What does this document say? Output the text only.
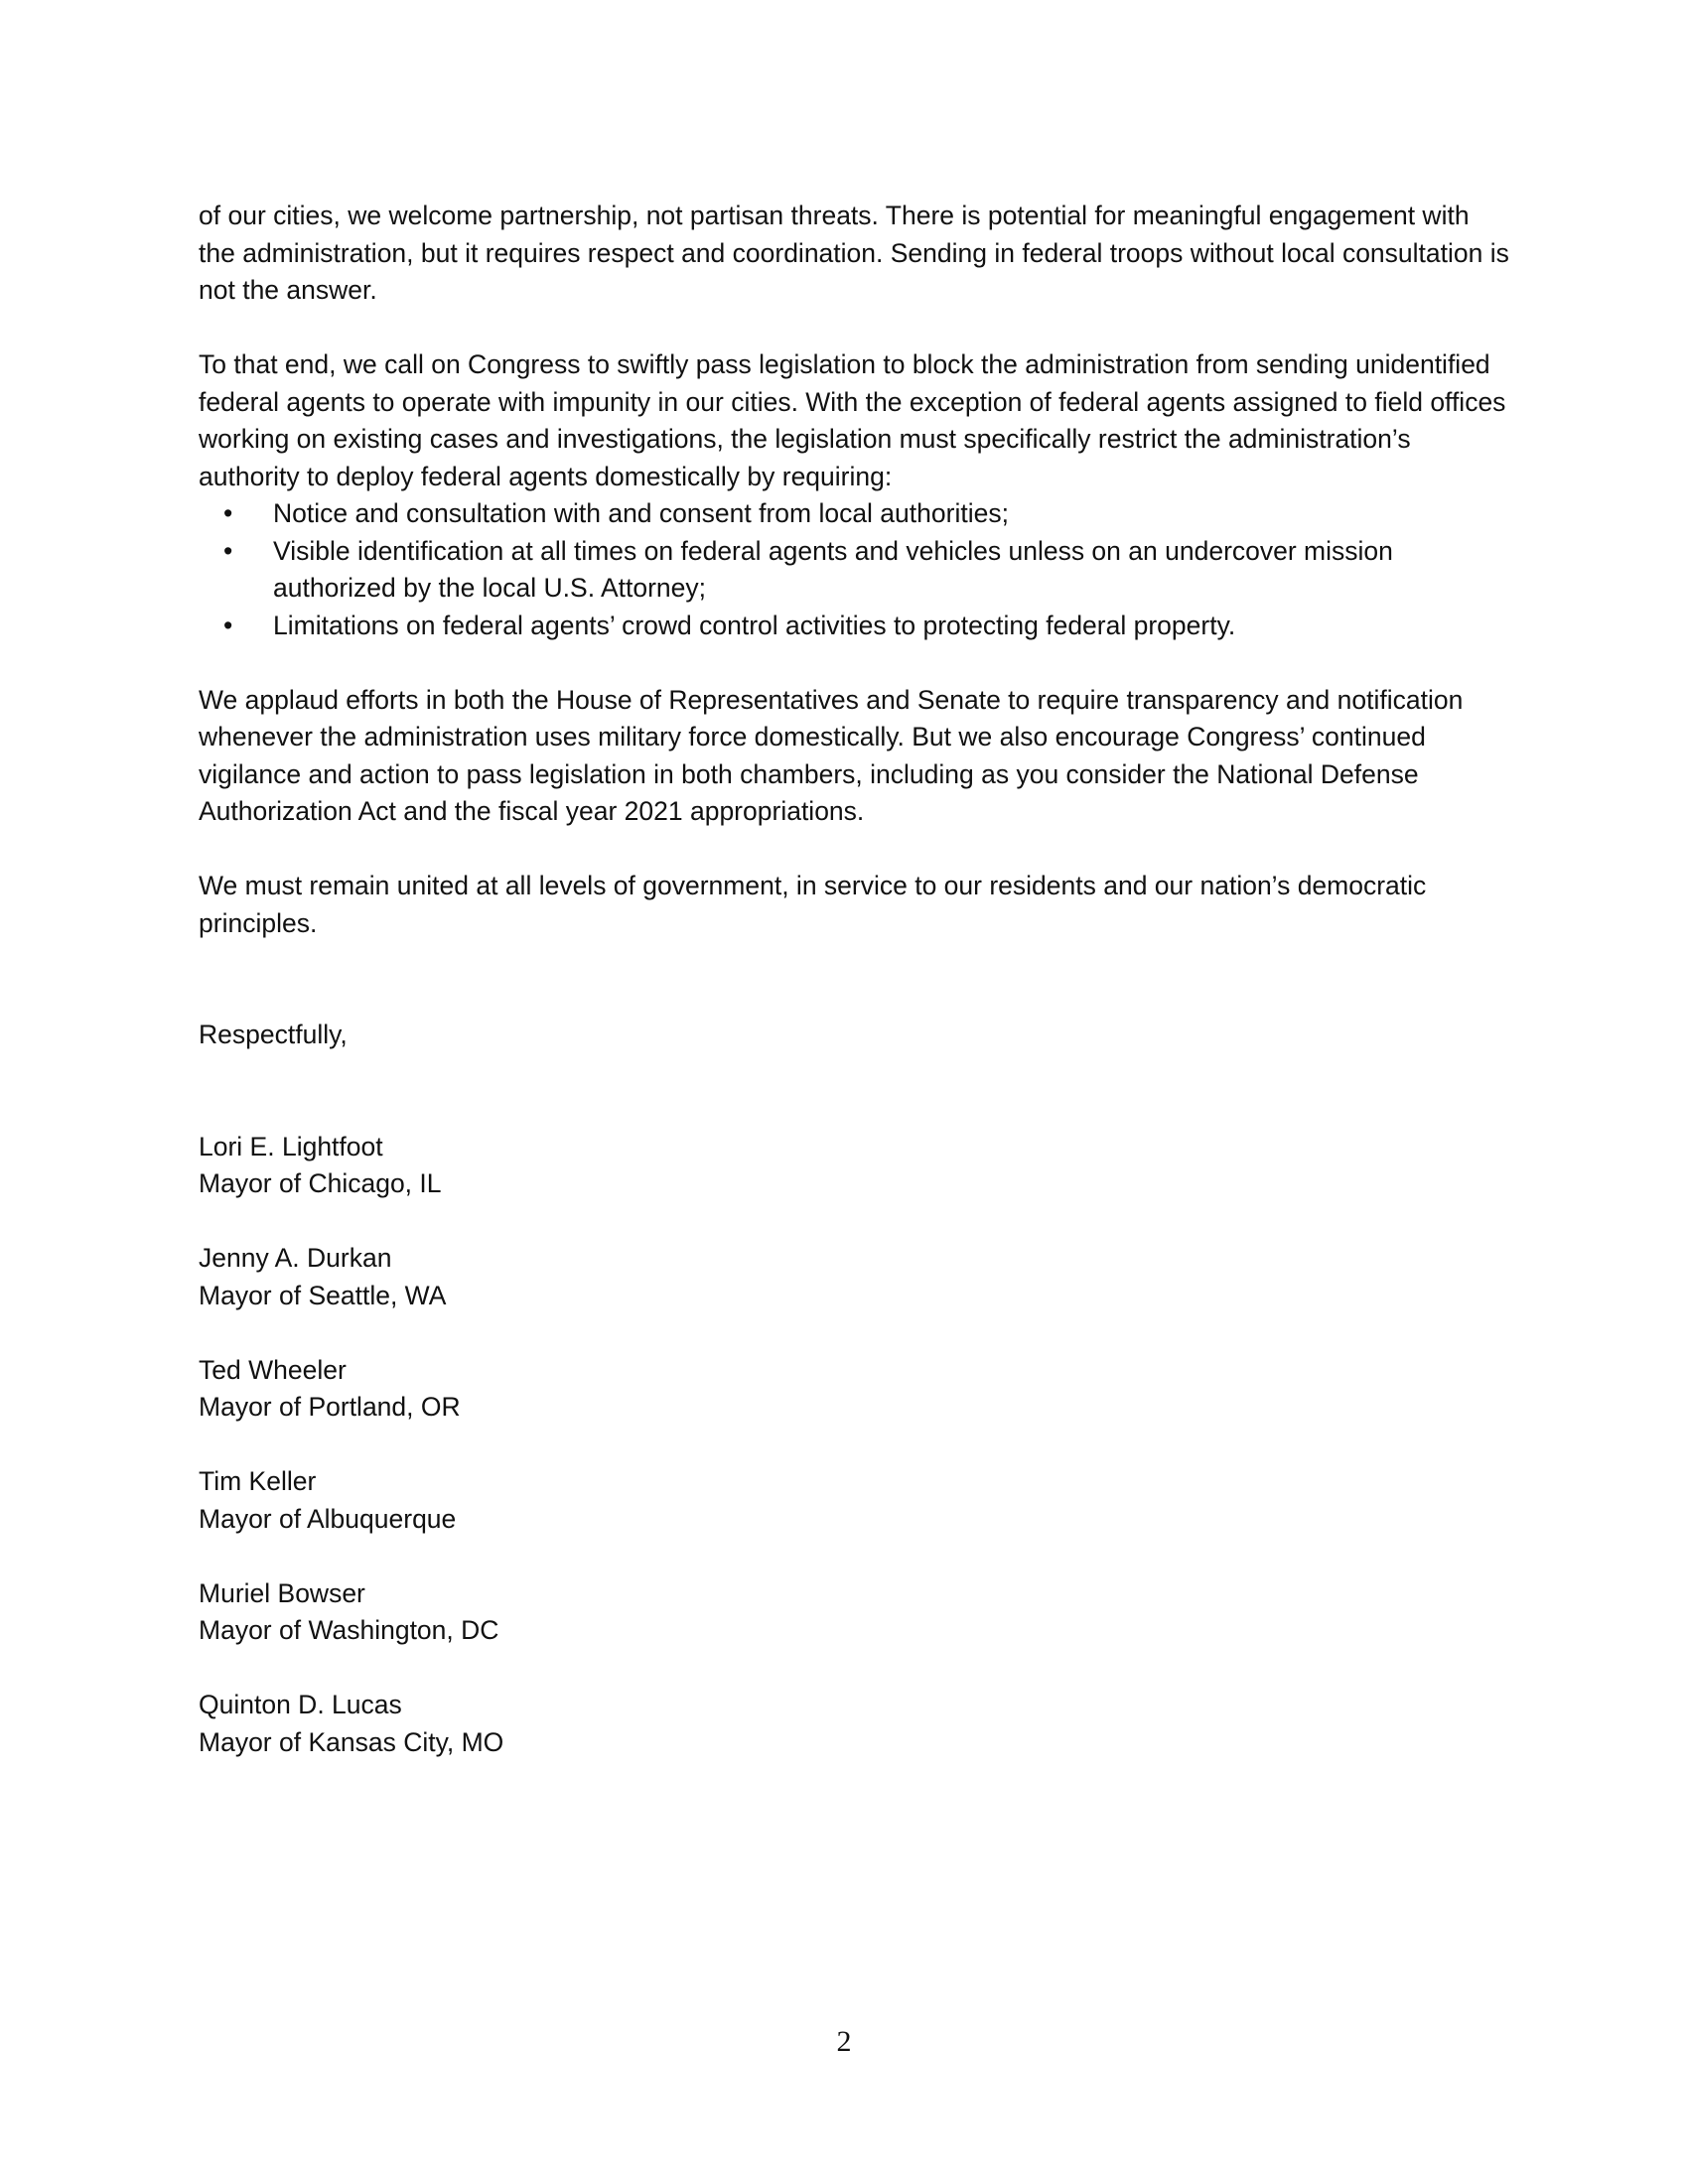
of our cities, we welcome partnership, not partisan threats. There is potential for meaningful engagement with the administration, but it requires respect and coordination. Sending in federal troops without local consultation is not the answer.

To that end, we call on Congress to swiftly pass legislation to block the administration from sending unidentified federal agents to operate with impunity in our cities. With the exception of federal agents assigned to field offices working on existing cases and investigations, the legislation must specifically restrict the administration’s authority to deploy federal agents domestically by requiring:
• Notice and consultation with and consent from local authorities;
• Visible identification at all times on federal agents and vehicles unless on an undercover mission authorized by the local U.S. Attorney;
• Limitations on federal agents’ crowd control activities to protecting federal property.

We applaud efforts in both the House of Representatives and Senate to require transparency and notification whenever the administration uses military force domestically. But we also encourage Congress’ continued vigilance and action to pass legislation in both chambers, including as you consider the National Defense Authorization Act and the fiscal year 2021 appropriations.

We must remain united at all levels of government, in service to our residents and our nation’s democratic principles.

Respectfully,
Lori E. Lightfoot
Mayor of Chicago, IL
Jenny A. Durkan
Mayor of Seattle, WA
Ted Wheeler
Mayor of Portland, OR
Tim Keller
Mayor of Albuquerque
Muriel Bowser
Mayor of Washington, DC
Quinton D. Lucas
Mayor of Kansas City, MO
2
